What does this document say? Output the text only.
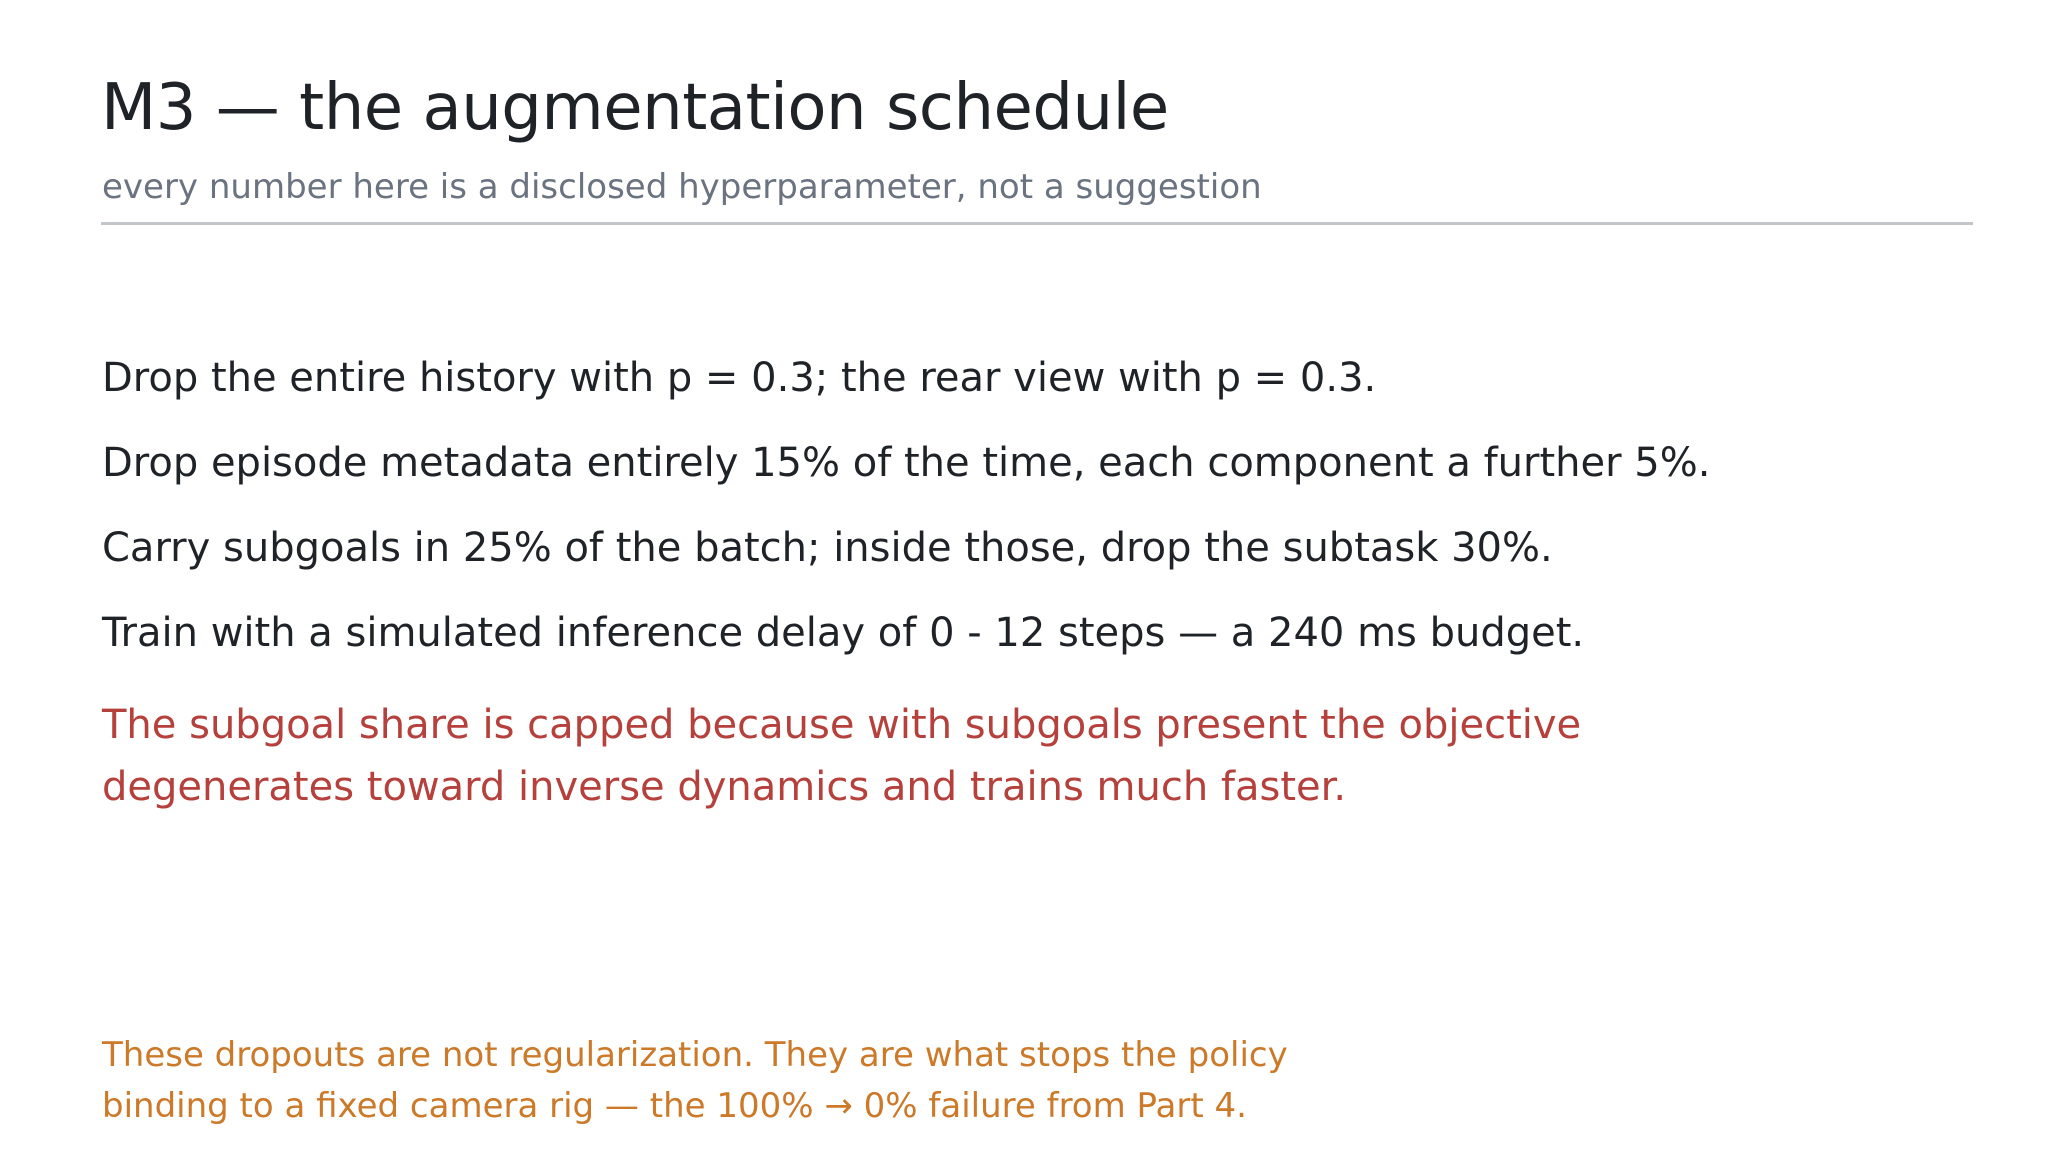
M3 — the augmentation schedule

every number here is a disclosed hyperparameter, not a suggestion

Drop the entire history with p = 0.3; the rear view with p = 0.3.

Drop episode metadata entirely 15% of the time, each component a further 5%.

Carry subgoals in 25% of the batch; inside those, drop the subtask 30%.

Train with a simulated inference delay of 0 - 12 steps — a 240 ms budget.

The subgoal share is capped because with subgoals present the objective degenerates toward inverse dynamics and trains much faster.

These dropouts are not regularization. They are what stops the policy
binding to a fixed camera rig — the 100% → 0% failure from Part 4.
